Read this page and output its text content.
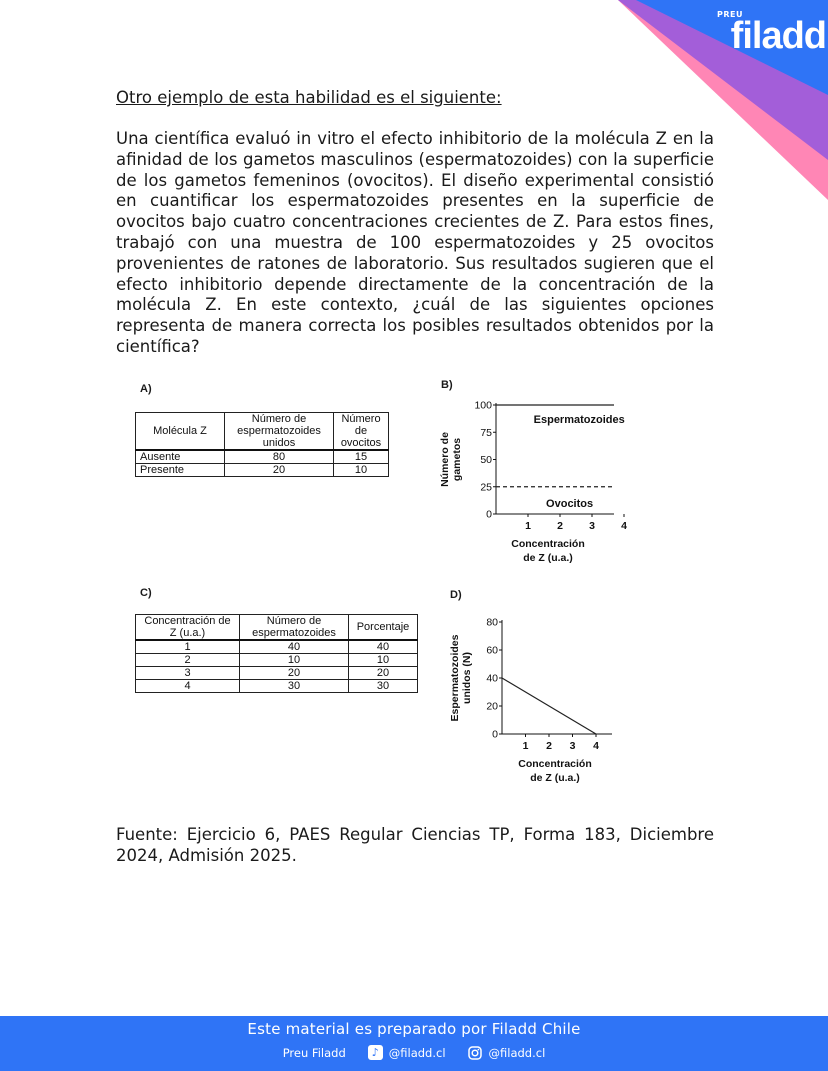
PREU
filadd
Otro ejemplo de esta habilidad es el siguiente:
Una científica evaluó in vitro el efecto inhibitorio de la molécula Z en la afinidad de los gametos masculinos (espermatozoides) con la superficie de los gametos femeninos (ovocitos). El diseño experimental consistió en cuantificar los espermatozoides presentes en la superficie de ovocitos bajo cuatro concentraciones crecientes de Z. Para estos fines, trabajó con una muestra de 100 espermatozoides y 25 ovocitos provenientes de ratones de laboratorio. Sus resultados sugieren que el efecto inhibitorio depende directamente de la concentración de la molécula Z. En este contexto, ¿cuál de las siguientes opciones representa de manera correcta los posibles resultados obtenidos por la científica?
A)
Molécula Z	Número de espermatozoides unidos	Número de ovocitos
Ausente	80	15
Presente	20	10
B)
0
25
50
75
100
1 2 3 4
Concentración
de Z (u.a.)
Número de gametos
Espermatozoides
Ovocitos
C)
Concentración de Z (u.a.)	Número de espermatozoides	Porcentaje
1	40	40
2	10	10
3	20	20
4	30	30
D)
0
20
40
60
80
1 2 3 4
Concentración
de Z (u.a.)
Espermatozoides unidos (N)
Fuente: Ejercicio 6, PAES Regular Ciencias TP, Forma 183, Diciembre 2024, Admisión 2025.
Este material es preparado por Filadd Chile
Preu Filadd	♪ @filadd.cl	@filadd.cl
